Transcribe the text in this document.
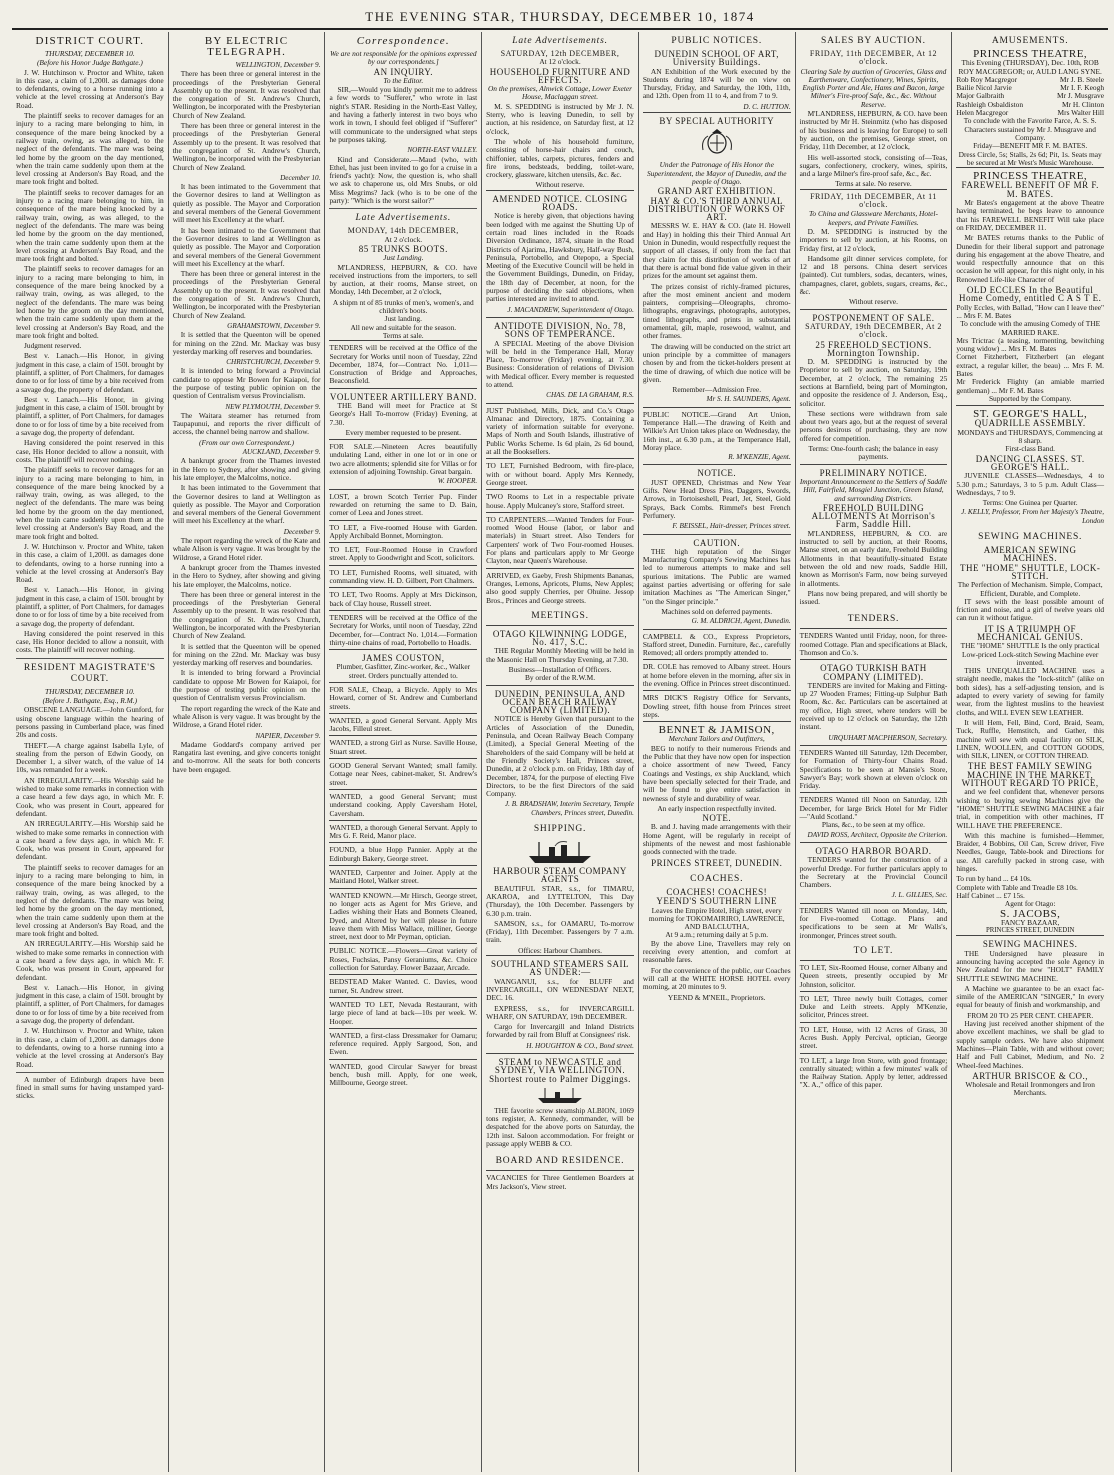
THE EVENING STAR, THURSDAY, DECEMBER 10, 1874
DISTRICT COURT.
THURSDAY, DECEMBER 10.
(Before his Honor Judge Bathgate.)

J. W. Hutchinson v. Proctor and White, taken in this case, a claim of 1,200l. as damages done to defendants, owing to a horse running into a vehicle at the level crossing at Anderson's Bay Road.

The plaintiff seeks to recover damages for an injury to a racing mare belonging to him, in consequence of the mare being knocked by a railway train, owing, as was alleged, to the neglect of the defendants. The mare was being led home by the groom on the day mentioned, when the train came suddenly upon them at the level crossing at Anderson's Bay Road, and the mare took fright and bolted.

The plaintiff seeks to recover damages for an injury to a racing mare belonging to him, in consequence of the mare being knocked by a railway train, owing, as was alleged, to the neglect of the defendants. The mare was being led home by the groom on the day mentioned, when the train came suddenly upon them at the level crossing at Anderson's Bay Road, and the mare took fright and bolted.

The plaintiff seeks to recover damages for an injury to a racing mare belonging to him, in consequence of the mare being knocked by a railway train, owing, as was alleged, to the neglect of the defendants. The mare was being led home by the groom on the day mentioned, when the train came suddenly upon them at the level crossing at Anderson's Bay Road, and the mare took fright and bolted.

Judgment reserved.

Best v. Lanach.—His Honor, in giving judgment in this case, a claim of 150l. brought by plaintiff, a splitter, of Port Chalmers, for damages done to or for loss of time by a bite received from a savage dog, the property of defendant.

Best v. Lanach.—His Honor, in giving judgment in this case, a claim of 150l. brought by plaintiff, a splitter, of Port Chalmers, for damages done to or for loss of time by a bite received from a savage dog, the property of defendant.

Having considered the point reserved in this case, His Honor decided to allow a nonsuit, with costs. The plaintiff will recover nothing.

The plaintiff seeks to recover damages for an injury to a racing mare belonging to him, in consequence of the mare being knocked by a railway train, owing, as was alleged, to the neglect of the defendants. The mare was being led home by the groom on the day mentioned, when the train came suddenly upon them at the level crossing at Anderson's Bay Road, and the mare took fright and bolted.

J. W. Hutchinson v. Proctor and White, taken in this case, a claim of 1,200l. as damages done to defendants, owing to a horse running into a vehicle at the level crossing at Anderson's Bay Road.

Best v. Lanach.—His Honor, in giving judgment in this case, a claim of 150l. brought by plaintiff, a splitter, of Port Chalmers, for damages done to or for loss of time by a bite received from a savage dog, the property of defendant.

Having considered the point reserved in this case, His Honor decided to allow a nonsuit, with costs. The plaintiff will recover nothing.

RESIDENT MAGISTRATE'S COURT.
THURSDAY, DECEMBER 10.
(Before J. Bathgate, Esq., R.M.)

OBSCENE LANGUAGE.—John Gunford, for using obscene language within the hearing of persons passing in Cumberland place, was fined 20s and costs.

THEFT.—A charge against Isabella Lyle, of stealing from the person of Edwin Goody, on December 1, a silver watch, of the value of 14 10s, was remanded for a week.

AN IRREGULARITY.—His Worship said he wished to make some remarks in connection with a case heard a few days ago, in which Mr. F. Cook, who was present in Court, appeared for defendant.

AN IRREGULARITY.—His Worship said he wished to make some remarks in connection with a case heard a few days ago, in which Mr. F. Cook, who was present in Court, appeared for defendant.

The plaintiff seeks to recover damages for an injury to a racing mare belonging to him, in consequence of the mare being knocked by a railway train, owing, as was alleged, to the neglect of the defendants. The mare was being led home by the groom on the day mentioned, when the train came suddenly upon them at the level crossing at Anderson's Bay Road, and the mare took fright and bolted.

AN IRREGULARITY.—His Worship said he wished to make some remarks in connection with a case heard a few days ago, in which Mr. F. Cook, who was present in Court, appeared for defendant.

Best v. Lanach.—His Honor, in giving judgment in this case, a claim of 150l. brought by plaintiff, a splitter, of Port Chalmers, for damages done to or for loss of time by a bite received from a savage dog, the property of defendant.

J. W. Hutchinson v. Proctor and White, taken in this case, a claim of 1,200l. as damages done to defendants, owing to a horse running into a vehicle at the level crossing at Anderson's Bay Road.

A number of Edinburgh drapers have been fined in small sums for having unstamped yard-sticks.

BY ELECTRIC TELEGRAPH.
WELLINGTON, December 9.

There has been three or general interest in the proceedings of the Presbyterian General Assembly up to the present. It was resolved that the congregation of St. Andrew's Church, Wellington, be incorporated with the Presbyterian Church of New Zealand.

There has been three or general interest in the proceedings of the Presbyterian General Assembly up to the present. It was resolved that the congregation of St. Andrew's Church, Wellington, be incorporated with the Presbyterian Church of New Zealand.

December 10.

It has been intimated to the Government that the Governor desires to land at Wellington as quietly as possible. The Mayor and Corporation and several members of the General Government will meet his Excellency at the wharf.

It has been intimated to the Government that the Governor desires to land at Wellington as quietly as possible. The Mayor and Corporation and several members of the General Government will meet his Excellency at the wharf.

There has been three or general interest in the proceedings of the Presbyterian General Assembly up to the present. It was resolved that the congregation of St. Andrew's Church, Wellington, be incorporated with the Presbyterian Church of New Zealand.

GRAHAMSTOWN, December 9.

It is settled that the Queenton will be opened for mining on the 22nd. Mr. Mackay was busy yesterday marking off reserves and boundaries.

CHRISTCHURCH, December 9.

It is intended to bring forward a Provincial candidate to oppose Mr Bowen for Kaiapoi, for the purpose of testing public opinion on the question of Centralism versus Provincialism.

NEW PLYMOUTH, December 9.

The Waitara steamer has returned from Taupapunui, and reports the river difficult of access, the channel being narrow and shallow.

(From our own Correspondent.)
AUCKLAND, December 9.

A bankrupt grocer from the Thames invested in the Hero to Sydney, after showing and giving his late employer, the Malcolms, notice.

It has been intimated to the Government that the Governor desires to land at Wellington as quietly as possible. The Mayor and Corporation and several members of the General Government will meet his Excellency at the wharf.

December 9.

The report regarding the wreck of the Kate and whale Alison is very vague. It was brought by the Wildrose, a Grand Hotel rider.

A bankrupt grocer from the Thames invested in the Hero to Sydney, after showing and giving his late employer, the Malcolms, notice.

There has been three or general interest in the proceedings of the Presbyterian General Assembly up to the present. It was resolved that the congregation of St. Andrew's Church, Wellington, be incorporated with the Presbyterian Church of New Zealand.

It is settled that the Queenton will be opened for mining on the 22nd. Mr. Mackay was busy yesterday marking off reserves and boundaries.

It is intended to bring forward a Provincial candidate to oppose Mr Bowen for Kaiapoi, for the purpose of testing public opinion on the question of Centralism versus Provincialism.

The report regarding the wreck of the Kate and whale Alison is very vague. It was brought by the Wildrose, a Grand Hotel rider.

NAPIER, December 9.

Madame Goddard's company arrived per Rangatira last evening, and give concerts tonight and to-morrow. All the seats for both concerts have been engaged.

Correspondence.
We are not responsible for the opinions expressed by our correspondents.]
AN INQUIRY.
To the Editor.

SIR,—Would you kindly permit me to address a few words to "Sufferer," who wrote in last night's STAR. Residing in the North-East Valley, and having a fatherly interest in two boys who work in town, I should feel obliged if "Sufferer" will communicate to the undersigned what steps he purposes taking.

NORTH-EAST VALLEY.

Kind and Considerate.—Maud (who, with Ethel, has just been invited to go for a cruise in a friend's yacht): Now, the question is, who shall we ask to chaperone us, old Mrs Snubs, or old Miss Megrims? Jack (who is to be one of the party): "Which is the worst sailor?"

Late Advertisements.
MONDAY, 14th DECEMBER,
At 2 o'clock.
85 TRUNKS BOOTS.
Just Landing.

M'LANDRESS, HEPBURN, & CO. have received instructions from the importers, to sell by auction, at their rooms, Manse street, on Monday, 14th December, at 2 o'clock,

A shipm nt of 85 trunks of men's, women's, and children's boots.
Just landing.
All new and suitable for the season.
Terms at sale.
TENDERS will be received at the Office of the Secretary for Works until noon of Tuesday, 22nd December, 1874, for—Contract No. 1,011—Construction of Bridge and Approaches, Beaconsfield.
VOLUNTEER ARTILLERY BAND.

THE Band will meet for Practice at St George's Hall To-morrow (Friday) Evening, at 7.30.

Every member requested to be present.
FOR SALE.—Nineteen Acres beautifully undulating Land, either in one lot or in one or two acre allotments; splendid site for Villas or for extension of adjoining Township. Great bargain.
W. HOOPER.
LOST, a brown Scotch Terrier Pup. Finder rewarded on returning the same to D. Bain, corner of Leea and Jones street.
TO LET, a Five-roomed House with Garden. Apply Archibald Bonnet, Mornington.
TO LET, Four-Roomed House in Crawford street. Apply to Goodwright and Scott, solicitors.
TO LET, Furnished Rooms, well situated, with commanding view. H. D. Gilbert, Port Chalmers.
TO LET, Two Rooms. Apply at Mrs Dickinson, back of Clay house, Russell street.
TENDERS will be received at the Office of the Secretary for Works, until noon of Tuesday, 22nd December, for—Contract No. 1,014.—Formation thirty-nine chains of road, Portobello to Hoadls.
JAMES COUSTON,
Plumber, Gasfitter, Zinc-worker, &c., Walker street. Orders punctually attended to.
FOR SALE, Cheap, a Bicycle. Apply to Mrs Howard, corner of St. Andrew and Cumberland streets.
WANTED, a good General Servant. Apply Mrs Jacobs, Filleul street.
WANTED, a strong Girl as Nurse. Saville House, Stuart street.
GOOD General Servant Wanted; small family. Cottage near Nees, cabinet-maker, St. Andrew's street.
WANTED, a good General Servant; must understand cooking. Apply Caversham Hotel, Caversham.
WANTED, a thorough General Servant. Apply to Mrs G. F. Reid, Manor place.
FOUND, a blue Hopp Pannier. Apply at the Edinburgh Bakery, George street.
WANTED, Carpenter and Joiner. Apply at the Maitland Hotel, Walker street.
WANTED KNOWN.—Mr Hirsch, George street, no longer acts as Agent for Mrs Grieve, and Ladies wishing their Hats and Bonnets Cleaned, Dyed, and Altered by her will please in future leave them with Miss Wallace, milliner, George street, next door to Mr Peyman, optician.
PUBLIC NOTICE.—Flowers—Great variety of Roses, Fuchsias, Pansy Geraniums, &c. Choice collection for Saturday. Flower Bazaar, Arcade.
BEDSTEAD Maker Wanted. C. Davies, wood turner, St. Andrew street.
WANTED TO LET, Nevada Restaurant, with large piece of land at back—10s per week. W. Hooper.
WANTED, a first-class Dressmaker for Oamaru; reference required. Apply Sargood, Son, and Ewen.
WANTED, good Circular Sawyer for breast bench, bush mill. Apply, for one week, Millbourne, George street.
Late Advertisements.
SATURDAY, 12th DECEMBER,
At 12 o'clock.
HOUSEHOLD FURNITURE AND EFFECTS.
On the premises, Alnwick Cottage, Lower Exeter House, Maclaggan street.

M. S. SPEDDING is instructed by Mr J. N. Sterry, who is leaving Dunedin, to sell by auction, at his residence, on Saturday first, at 12 o'clock,

The whole of his household furniture, consisting of horse-hair chairs and couch, chiffonier, tables, carpets, pictures, fenders and fire irons, bedsteads, bedding, toilet-ware, crockery, glassware, kitchen utensils, &c. &c.

Without reserve.
AMENDED NOTICE. CLOSING ROADS.

Notice is hereby given, that objections having been lodged with me against the Shutting Up of certain road lines included in the Roads Diversion Ordinance, 1874, situate in the Road Districts of Ajarima, Hawksbury, Half-way Bush, Peninsula, Portobello, and Otepopo, a Special Meeting of the Executive Council will be held in the Government Buildings, Dunedin, on Friday, the 18th day of December, at noon, for the purpose of deciding the said objections, when parties interested are invited to attend.

J. MACANDREW, Superintendent of Otago.
ANTIDOTE DIVISION, No. 78, SONS OF TEMPERANCE.

A SPECIAL Meeting of the above Division will be held in the Temperance Hall, Moray Place, To-morrow (Friday) evening, at 7.30. Business: Consideration of relations of Division with Medical officer. Every member is requested to attend.

CHAS. DE LA GRAHAM, R.S.
JUST Published, Mills, Dick, and Co.'s Otago Almanac and Directory, 1875. Containing a variety of information suitable for everyone. Maps of North and South Islands, illustrative of Public Works Scheme. Is 6d plain, 2s 6d bound, at all the Booksellers.
TO LET, Furnished Bedroom, with fire-place, with or without board. Apply Mrs Kennedy, George street.
TWO Rooms to Let in a respectable private house. Apply Mulcaney's store, Stafford street.
TO CARPENTERS.—Wanted Tenders for Four-roomed Wood House (labor, or labor and materials) in Stuart street. Also Tenders for Carpenters' work of Two Four-roomed Houses. For plans and particulars apply to Mr George Clayton, near Queen's Warehouse.
ARRIVED, ex Gaeby, Fresh Shipments Bananas, Oranges, Lemons, Apricots, Plums, New Apples; also good supply Cherries, per Ohuine. Jessop Bros., Princes and George streets.
MEETINGS.
OTAGO KILWINNING LODGE, No. 417, S.C.

THE Regular Monthly Meeting will be held in the Masonic Hall on Thursday Evening, at 7.30.

Business—Installation of Officers.
By order of the R.W.M.
DUNEDIN, PENINSULA, AND OCEAN BEACH RAILWAY COMPANY (LIMITED).

NOTICE is Hereby Given that pursuant to the Articles of Association of the Dunedin, Peninsula, and Ocean Railway Beach Company (Limited), a Special General Meeting of the Shareholders of the said Company will be held at the Friendly Society's Hall, Princes street, Dunedin, at 2 o'clock p.m. on Friday, 18th day of December, 1874, for the purpose of electing Five Directors, to be the first Directors of the said Company.

J. B. BRADSHAW, Interim Secretary, Temple Chambers, Princes street, Dunedin.
SHIPPING.
HARBOUR STEAM COMPANY AGENTS

BEAUTIFUL STAR, s.s., for TIMARU, AKAROA, and LYTTELTON, This Day (Thursday), the 10th December. Passengers by 6.30 p.m. train.

SAMSON, s.s., for OAMARU, To-morrow (Friday), 11th December. Passengers by 7 a.m. train.

Offices: Harbour Chambers.
SOUTHLAND STEAMERS SAIL AS UNDER:—

WANGANUI, s.s., for BLUFF and INVERCARGILL, ON WEDNESDAY NEXT, DEC. 16.

EXPRESS, s.s., for INVERCARGILL WHARF, ON SATURDAY, 19th DECEMBER.

Cargo for Invercargill and Inland Districts forwarded by rail from Bluff at Consignees' risk.

H. HOUGHTON & CO., Bond street.
STEAM to NEWCASTLE and SYDNEY, VIA WELLINGTON. Shortest route to Palmer Diggings.

THE favorite screw steamship ALBION, 1069 tons register, A. Kennedy, commander, will be despatched for the above ports on Saturday, the 12th inst. Saloon accommodation. For freight or passage apply WEBB & CO.

BOARD AND RESIDENCE.
VACANCIES for Three Gentlemen Boarders at Mrs Jackson's, View street.
PUBLIC NOTICES.
DUNEDIN SCHOOL OF ART, University Buildings.

AN Exhibition of the Work executed by the Students during 1874 will be on view on Thursday, Friday, and Saturday, the 10th, 11th, and 12th. Open from 11 to 4, and from 7 to 9.

D. C. HUTTON.
BY SPECIAL AUTHORITY
Under the Patronage of His Honor the Superintendent, the Mayor of Dunedin, and the people of Otago.
GRAND ART EXHIBITION.
HAY & CO.'S THIRD ANNUAL DISTRIBUTION OF WORKS OF ART.

MESSRS W. E. HAY & CO. (late H. Howell and Hay) in holding this their Third Annual Art Union in Dunedin, would respectfully request the support of all classes, if only from the fact that they claim for this distribution of works of art that there is actual bond fide value given in their prizes for the amount set against them.

The prizes consist of richly-framed pictures, after the most eminent ancient and modern painters, comprising—Oleographs, chromo-lithographs, engravings, photographs, autotypes, tinted lithographs, and prints in substantial ornamental, gilt, maple, rosewood, walnut, and other frames.

The drawing will be conducted on the strict art union principle by a committee of managers chosen by and from the ticket-holders present at the time of drawing, of which due notice will be given.

Remember—Admission Free.
Mr S. H. SAUNDERS, Agent.
PUBLIC NOTICE.—Grand Art Union, Temperance Hall.—The drawing of Keith and Wilkie's Art Union takes place on Wednesday, the 16th inst., at 6.30 p.m., at the Temperance Hall, Moray place.
R. M'KENZIE, Agent.
NOTICE.

JUST OPENED, Christmas and New Year Gifts. New Head Dress Pins, Daggers, Swords, Arrows, in Tortoiseshell, Pearl, Jet, Steel, Gold Sprays, Back Combs. Rimmel's best French Perfumery.

F. BEISSEL, Hair-dresser, Princes street.
CAUTION.

THE high reputation of the Singer Manufacturing Company's Sewing Machines has led to numerous attempts to make and sell spurious imitations. The Public are warned against parties advertising or offering for sale imitation Machines as "The American Singer," "on the Singer principle."

Machines sold on deferred payments.
G. M. ALDRICH, Agent, Dunedin.
CAMPBELL & CO., Express Proprietors, Stafford street, Dunedin. Furniture, &c., carefully Removed; all orders promptly attended to.
DR. COLE has removed to Albany street. Hours at home before eleven in the morning, after six in the evening. Office in Princes street discontinued.
MRS DICK'S Registry Office for Servants, Dowling street, fifth house from Princes street steps.
BENNET & JAMISON,
Merchant Tailors and Outfitters,

BEG to notify to their numerous Friends and the Public that they have now open for inspection a choice assortment of new Tweed, Fancy Coatings and Vestings, ex ship Auckland, which have been specially selected for their Trade, and will be found to give entire satisfaction in newness of style and durability of wear.

An early inspection respectfully invited.
NOTE.

B. and J. having made arrangements with their Home Agent, will be regularly in receipt of shipments of the newest and most fashionable goods connected with the trade.

PRINCES STREET, DUNEDIN.
COACHES.
COACHES! COACHES!
YEEND'S SOUTHERN LINE
Leaves the Empire Hotel, High street, every morning for TOKOMAIRIRO, LAWRENCE, AND BALCLUTHA,
At 9 a.m.; returning daily at 5 p.m.

By the above Line, Travellers may rely on receiving every attention, and comfort at reasonable fares.

For the convenience of the public, our Coaches will call at the WHITE HORSE HOTEL every morning, at 20 minutes to 9.

YEEND & M'NEIL, Proprietors.
SALES BY AUCTION.
FRIDAY, 11th DECEMBER, At 12 o'clock.
Clearing Sale by auction of Groceries, Glass and Earthenware, Confectionery, Wines, Spirits, English Porter and Ale, Hams and Bacon, large Milner's Fire-proof Safe, &c., &c. Without Reserve.

M'LANDRESS, HEPBURN, & CO. have been instructed by Mr H. Steinmitz (who has disposed of his business and is leaving for Europe) to sell by auction, on the premises, George street, on Friday, 11th December, at 12 o'clock,

His well-assorted stock, consisting of—Teas, sugars, confectionery, crockery, wines, spirits, and a large Milner's fire-proof safe, &c., &c.

Terms at sale. No reserve.
FRIDAY, 11th DECEMBER, At 11 o'clock.
To China and Glassware Merchants, Hotel-keepers, and Private Families.

D. M. SPEDDING is instructed by the importers to sell by auction, at his Rooms, on Friday first, at 12 o'clock,

Handsome gilt dinner services complete, for 12 and 18 persons. China desert services (painted). Cut tumblers, sodas, decanters, wines, champagnes, claret, goblets, sugars, creams, &c., &c.

Without reserve.
POSTPONEMENT OF SALE.
SATURDAY, 19th DECEMBER, At 2 o'clock.
25 FREEHOLD SECTIONS. Mornington Township.

D. M. SPEDDING is instructed by the Proprietor to sell by auction, on Saturday, 19th December, at 2 o'clock, The remaining 25 sections at Barnfield, being part of Mornington, and opposite the residence of J. Anderson, Esq., solicitor.

These sections were withdrawn from sale about two years ago, but at the request of several persons desirous of purchasing, they are now offered for competition.

Terms: One-fourth cash; the balance in easy payments.
PRELIMINARY NOTICE.
Important Announcement to the Settlers of Saddle Hill, Fairfield, Mosgiel Junction, Green Island, and surrounding Districts.
FREEHOLD BUILDING ALLOTMENTS At Morrison's Farm, Saddle Hill.

M'LANDRESS, HEPBURN, & CO. are instructed to sell by auction, at their Rooms, Manse street, on an early date, Freehold Building Allotments in that beautifully-situated Estate between the old and new roads, Saddle Hill, known as Morrison's Farm, now being surveyed in allotments.

Plans now being prepared, and will shortly be issued.

TENDERS.
TENDERS Wanted until Friday, noon, for three-roomed Cottage. Plan and specifications at Black, Thomson and Co.'s.
OTAGO TURKISH BATH COMPANY (LIMITED).

TENDERS are invited for Making and Fitting-up 27 Wooden Frames; Fitting-up Sulphur Bath Room, &c. &c. Particulars can be ascertained at my office, High street, where tenders will be received up to 12 o'clock on Saturday, the 12th instant.

URQUHART MACPHERSON, Secretary.
TENDERS Wanted till Saturday, 12th December, for Formation of Thirty-four Chains Road. Specifications to be seen at Mansie's Store, Sawyer's Bay; work shown at eleven o'clock on Friday.
TENDERS Wanted till Noon on Saturday, 12th December, for large Brick Hotel for Mr Fidler—"Auld Scotland."
Plans, &c., to be seen at my office.
DAVID ROSS, Architect, Opposite the Criterion.
OTAGO HARBOR BOARD.

TENDERS wanted for the construction of a powerful Dredge. For further particulars apply to the Secretary at the Provincial Council Chambers.

J. L. GILLIES, Sec.
TENDERS Wanted till noon on Monday, 14th, for Five-roomed Cottage. Plans and specifications to be seen at Mr Walls's, ironmonger, Princes street south.
TO LET.
TO LET, Six-Roomed House, corner Albany and Queen streets, presently occupied by Mr Johnston, solicitor.
TO LET, Three newly built Cottages, corner Duke and Leith streets. Apply M'Kenzie, solicitor, Princes street.
TO LET, House, with 12 Acres of Grass, 30 Acres Bush. Apply Percival, optician, George street.
TO LET, a large Iron Store, with good frontage; centrally situated; within a few minutes' walk of the Railway Station. Apply by letter, addressed "X. A.," office of this paper.
AMUSEMENTS.
PRINCESS THEATRE,
This Evening (THURSDAY), Dec. 10th, ROB ROY MACGREGOR; or, AULD LANG SYNE.
Rob Roy Macgregor	Mr J. B. Steele
Bailie Nicol Jarvie	Mr I. F. Keogh
Major Galbraith	Mr J. Musgrave
Rashleigh Osbaldiston	Mr H. Clinton
Helen Macgregor	Mrs Walter Hill
To conclude with the Favorite Farce, A. S. S.
Characters sustained by Mr J. Musgrave and Company.
Friday—BENEFIT MR F. M. BATES.
Dress Circle, 5s; Stalls, 2s 6d; Pit, 1s. Seats may be secured at Mr West's Music Warehouse.
PRINCESS THEATRE,
FAREWELL BENEFIT OF MR F. M. BATES.

Mr Bates's engagement at the above Theatre having terminated, he begs leave to announce that his FAREWELL BENEFIT Will take place on FRIDAY, DECEMBER 11.

Mr BATES returns thanks to the Public of Dunedin for their liberal support and patronage during his engagement at the above Theatre, and would respectfully announce that on this occasion he will appear, for this night only, in his Renowned Life-like Character of

OLD ECCLES In the Beautiful Home Comedy, entitled C A S T E.
Polly Eccles, with Ballad, "How can I leave thee" ... Mrs F. M. Bates
To conclude with the amusing Comedy of THE MARRIED RAKE.
Mrs Trictrac (a teasing, tormenting, bewitching young widow) ... Mrs F. M. Bates
Cornet Fitzherbert, Fitzherbert (an elegant extract, a regular killer, the beau) ... Mrs F. M. Bates
Mr Frederick Flighty (an amiable married gentleman) ... Mr F. M. Bates
Supported by the Company.
ST. GEORGE'S HALL,
QUADRILLE ASSEMBLY.
MONDAYS and THURSDAYS, Commencing at 8 sharp.
First-class Band.
DANCING CLASSES. ST. GEORGE'S HALL.

JUVENILE CLASSES—Wednesdays, 4 to 5.30 p.m.; Saturdays, 3 to 5 p.m. Adult Class—Wednesdays, 7 to 9.

Terms: One Guinea per Quarter.
J. KELLY, Professor, From her Majesty's Theatre, London
SEWING MACHINES.
AMERICAN SEWING MACHINES.
THE "HOME" SHUTTLE, LOCK-STITCH.
The Perfection of Mechanism. Simple, Compact, Efficient, Durable, and Complete.

IT sews with the least possible amount of friction and noise, and a girl of twelve years old can run it without fatigue.

IT IS A TRIUMPH OF MECHANICAL GENIUS.
THE "HOME" SHUTTLE Is the only practical Low-priced Lock-stitch Sewing Machine ever invented.

THIS UNEQUALLED MACHINE uses a straight needle, makes the "lock-stitch" (alike on both sides), has a self-adjusting tension, and is adapted to every variety of sewing for family wear, from the lightest muslins to the heaviest cloths, and WILL EVEN SEW LEATHER.

It will Hem, Fell, Bind, Cord, Braid, Seam, Tuck, Ruffle, Hemstitch, and Gather, this machine will sew with equal facility on SILK, LINEN, WOOLLEN, and COTTON GOODS, with SILK, LINEN, or COTTON THREAD.

THE BEST FAMILY SEWING MACHINE IN THE MARKET, WITHOUT REGARD TO PRICE,

and we feel confident that, whenever persons wishing to buying sewing Machines give the "HOME" SHUTTLE SEWING MACHINE a fair trial, in competition with other machines, IT WILL HAVE THE PREFERENCE.

With this machine is furnished—Hemmer, Braider, 4 Bobbins, Oil Can, Screw driver, Five Needles, Gauge, Table-book and Directions for use. All carefully packed in strong case, with hinges.

To run by hand ... £4 10s.
Complete with Table and Treadle £8 10s.
Half Cabinet ... £7 15s.
Agent for Otago:
S. JACOBS,
FANCY BAZAAR,
PRINCES STREET, DUNEDIN
SEWING MACHINES.

THE Undersigned have pleasure in announcing having accepted the sole Agency in New Zealand for the new "HOLT" FAMILY SHUTTLE SEWING MACHINE.

A Machine we guarantee to be an exact fac-simile of the AMERICAN "SINGER," In every equal for beauty of finish and workmanship, and

FROM 20 TO 25 PER CENT. CHEAPER.

Having just received another shipment of the above excellent machines, we shall be glad to supply sample orders. We have also shipment Machines—Plain Table, with and without cover; Half and Full Cabinet, Medium, and No. 2 Wheel-feed Machines.

ARTHUR BRISCOE & CO.,
Wholesale and Retail Ironmongers and Iron Merchants.
